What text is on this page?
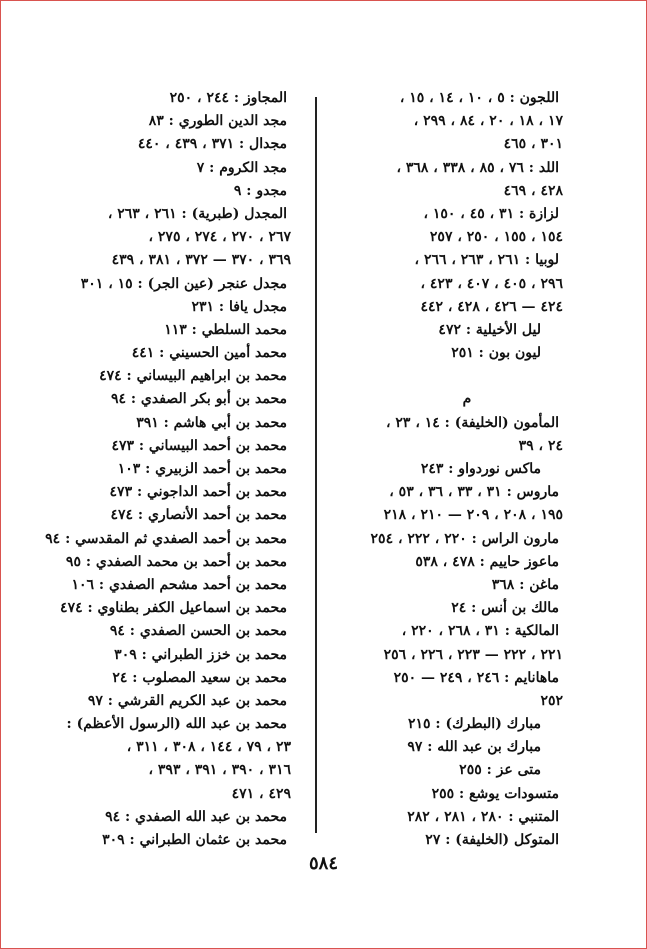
اللجون : ٥ ، ١٠ ، ١٤ ، ١٥ ،
١٧ ، ١٨ ، ٢٠ ، ٨٤ ، ٢٩٩ ،
٣٠١ ، ٤٦٥
اللد : ٧٦ ، ٨٥ ، ٣٣٨ ، ٣٦٨ ،
٤٢٨ ، ٤٦٩
لزازة : ٣١ ، ٤٥ ، ١٥٠ ،
١٥٤ ، ١٥٥ ، ٢٥٠ ، ٢٥٧
لوبيا : ٢٦١ ، ٢٦٣ ، ٢٦٦ ،
٢٩٦ ، ٤٠٥ ، ٤٠٧ ، ٤٢٣ ،
٤٢٤ — ٤٢٦ ، ٤٢٨ ، ٤٤٢
ليل الأخيلية : ٤٧٢
ليون بون : ٢٥١
م
المأمون (الخليفة) : ١٤ ، ٢٣ ،
٢٤ ، ٣٩
ماكس نوردواو : ٢٤٣
ماروس : ٣١ ، ٣٣ ، ٣٦ ، ٥٣ ،
١٩٥ ، ٢٠٨ ، ٢٠٩ — ٢١٠ ، ٢١٨
مارون الراس : ٢٢٠ ، ٢٢٢ ، ٢٥٤
ماعوز حاييم : ٤٧٨ ، ٥٣٨
ماغن : ٣٦٨
مالك بن أنس : ٢٤
المالكية : ٣١ ، ٢٦٨ ، ٢٢٠ ،
٢٢١ ، ٢٢٢ — ٢٢٣ ، ٢٢٦ ، ٢٥٦
ماهانايم : ٢٤٦ ، ٢٤٩ — ٢٥٠
٢٥٢
مبارك (البطرك) : ٢١٥
مبارك بن عبد الله : ٩٧
متى عز : ٢٥٥
متسودات يوشع : ٢٥٥
المتنبي : ٢٨٠ ، ٢٨١ ، ٢٨٢
المتوكل (الخليفة) : ٢٧
المجاوز : ٢٤٤ ، ٢٥٠
مجد الدين الطوري : ٨٣
مجدال : ٣٧١ ، ٤٣٩ ، ٤٤٠
مجد الكروم : ٧
مجدو : ٩
المجدل (طبرية) : ٢٦١ ، ٢٦٣ ،
٢٦٧ ، ٢٧٠ ، ٢٧٤ ، ٢٧٥ ،
٣٦٩ ، ٣٧٠ — ٣٧٢ ، ٣٨١ ، ٤٣٩
مجدل عنجر (عين الجر) : ١٥ ، ٣٠١
مجدل يافا : ٢٣١
محمد السلطي : ١١٣
محمد أمين الحسيني : ٤٤١
محمد بن ابراهيم البيساني : ٤٧٤
محمد بن أبو بكر الصفدي : ٩٤
محمد بن أبي هاشم : ٣٩١
محمد بن أحمد البيساني : ٤٧٣
محمد بن أحمد الزبيري : ١٠٣
محمد بن أحمد الداجوني : ٤٧٣
محمد بن أحمد الأنصاري : ٤٧٤
محمد بن أحمد الصفدي ثم المقدسي : ٩٤
محمد بن أحمد بن محمد الصفدي : ٩٥
محمد بن أحمد مشحم الصفدي : ١٠٦
محمد بن اسماعيل الكفر بطناوي : ٤٧٤
محمد بن الحسن الصفدي : ٩٤
محمد بن خزز الطبراني : ٣٠٩
محمد بن سعيد المصلوب : ٢٤
محمد بن عبد الكريم القرشي : ٩٧
محمد بن عبد الله (الرسول الأعظم) :
٢٣ ، ٧٩ ، ١٤٤ ، ٣٠٨ ، ٣١١ ،
٣١٦ ، ٣٩٠ ، ٣٩١ ، ٣٩٣ ،
٤٢٩ ، ٤٧١
محمد بن عبد الله الصفدي : ٩٤
محمد بن عثمان الطبراني : ٣٠٩
٥٨٤
